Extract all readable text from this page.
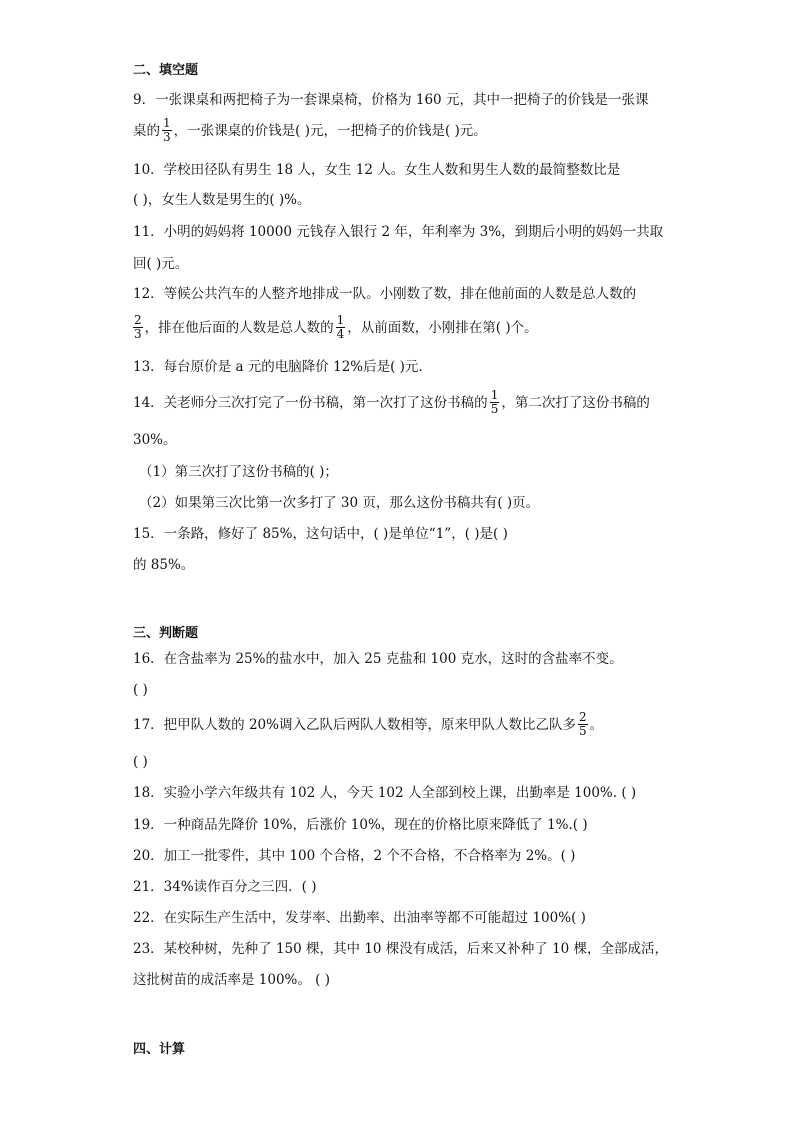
二、填空题
9．一张课桌和两把椅子为一套课桌椅，价格为 160 元，其中一把椅子的价钱是一张课
桌的 $\frac{1}{3}$ ，一张课桌的价钱是( )元，一把椅子的价钱是( )元。
10．学校田径队有男生 18 人，女生 12 人。女生人数和男生人数的最简整数比是
( )，女生人数是男生的( )%。
11．小明的妈妈将 10000 元钱存入银行 2 年，年利率为 3%，到期后小明的妈妈一共取
回( )元。
12．等候公共汽车的人整齐地排成一队。小刚数了数，排在他前面的人数是总人数的
$\frac{2}{3}$ ，排在他后面的人数是总人数的 $\frac{1}{4}$ ，从前面数，小刚排在第( )个。
13．每台原价是 a 元的电脑降价 12%后是( )元．
14．关老师分三次打完了一份书稿，第一次打了这份书稿的 $\frac{1}{5}$ ，第二次打了这份书稿的
30%。
（1）第三次打了这份书稿的( )；
（2）如果第三次比第一次多打了 30 页，那么这份书稿共有( )页。
15．一条路，修好了 85%，这句话中，( )是单位“1”，( )是( )
的 85%。
三、判断题
16．在含盐率为 25%的盐水中，加入 25 克盐和 100 克水，这时的含盐率不变。
( )
17．把甲队人数的 20%调入乙队后两队人数相等，原来甲队人数比乙队多 $\frac{2}{5}$ 。
( )
18．实验小学六年级共有 102 人，今天 102 人全部到校上课，出勤率是 100%. ( )
19．一种商品先降价 10%，后涨价 10%，现在的价格比原来降低了 1%.( )
20．加工一批零件，其中 100 个合格，2 个不合格，不合格率为 2%。( )
21．34%读作百分之三四．( )
22．在实际生产生活中，发芽率、出勤率、出油率等都不可能超过 100%( )
23．某校种树，先种了 150 棵，其中 10 棵没有成活，后来又补种了 10 棵，全部成活，
这批树苗的成活率是 100%。 ( )
四、计算
